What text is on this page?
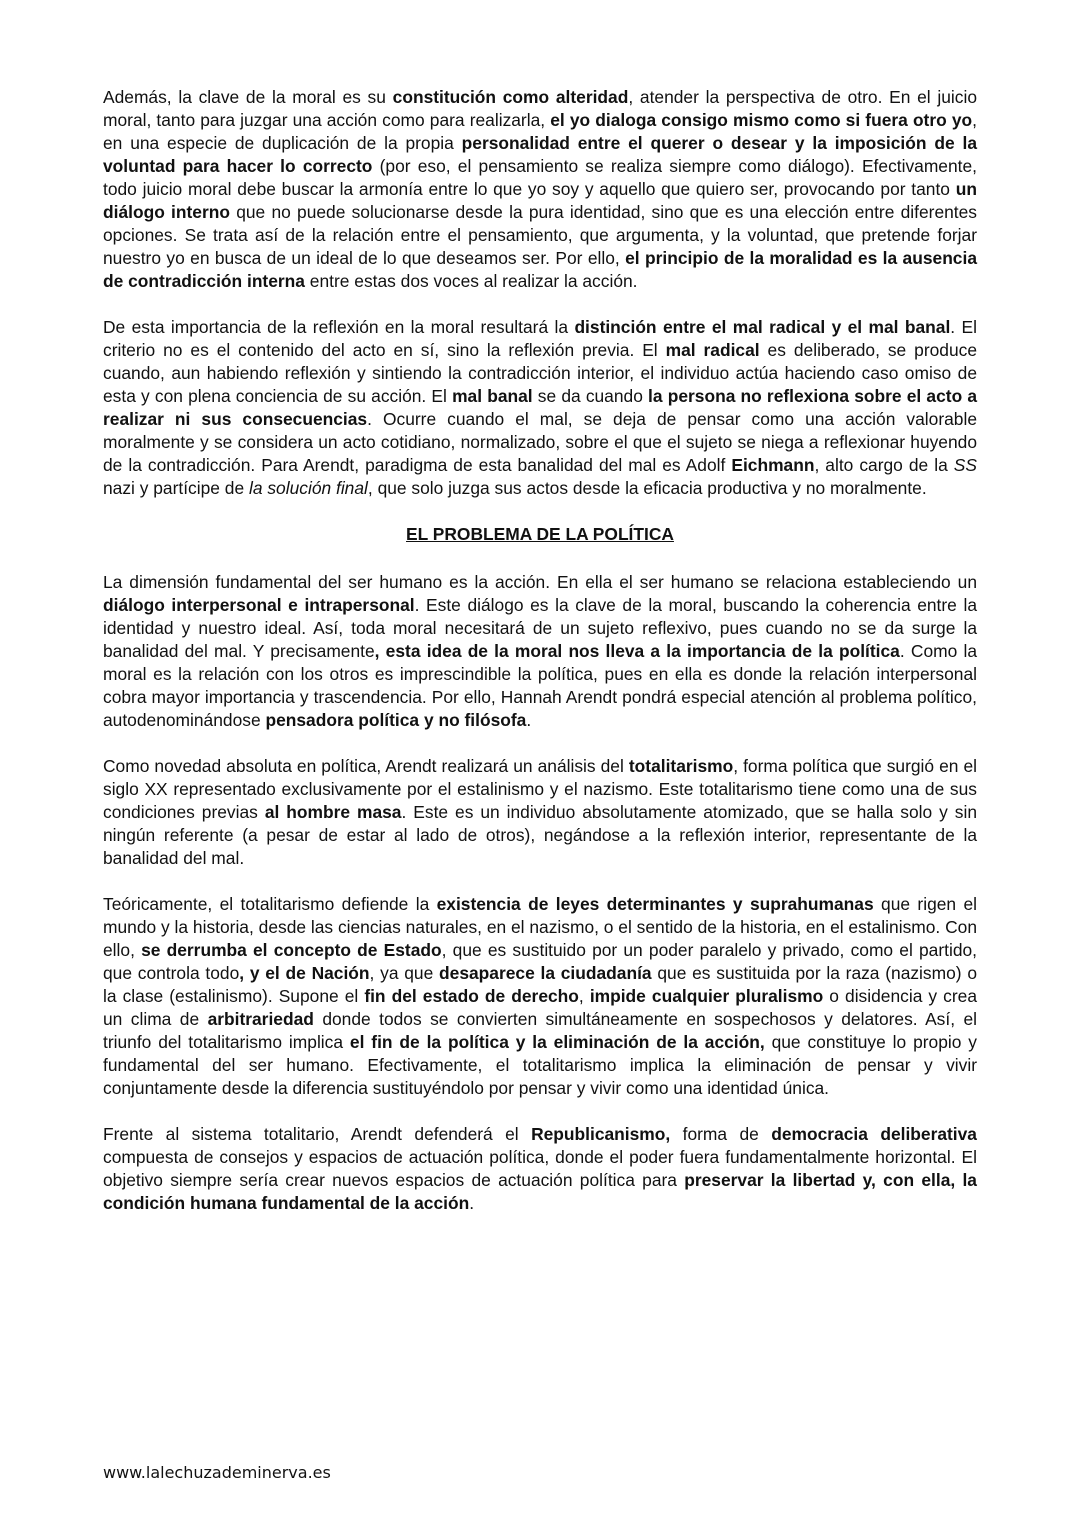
Además, la clave de la moral es su constitución como alteridad, atender la perspectiva de otro. En el juicio moral, tanto para juzgar una acción como para realizarla, el yo dialoga consigo mismo como si fuera otro yo, en una especie de duplicación de la propia personalidad entre el querer o desear y la imposición de la voluntad para hacer lo correcto (por eso, el pensamiento se realiza siempre como diálogo). Efectivamente, todo juicio moral debe buscar la armonía entre lo que yo soy y aquello que quiero ser, provocando por tanto un diálogo interno que no puede solucionarse desde la pura identidad, sino que es una elección entre diferentes opciones. Se trata así de la relación entre el pensamiento, que argumenta, y la voluntad, que pretende forjar nuestro yo en busca de un ideal de lo que deseamos ser. Por ello, el principio de la moralidad es la ausencia de contradicción interna entre estas dos voces al realizar la acción.

De esta importancia de la reflexión en la moral resultará la distinción entre el mal radical y el mal banal. El criterio no es el contenido del acto en sí, sino la reflexión previa. El mal radical es deliberado, se produce cuando, aun habiendo reflexión y sintiendo la contradicción interior, el individuo actúa haciendo caso omiso de esta y con plena conciencia de su acción. El mal banal se da cuando la persona no reflexiona sobre el acto a realizar ni sus consecuencias. Ocurre cuando el mal, se deja de pensar como una acción valorable moralmente y se considera un acto cotidiano, normalizado, sobre el que el sujeto se niega a reflexionar huyendo de la contradicción. Para Arendt, paradigma de esta banalidad del mal es Adolf Eichmann, alto cargo de la SS nazi y partícipe de la solución final, que solo juzga sus actos desde la eficacia productiva y no moralmente.

EL PROBLEMA DE LA POLÍTICA

La dimensión fundamental del ser humano es la acción. En ella el ser humano se relaciona estableciendo un diálogo interpersonal e intrapersonal. Este diálogo es la clave de la moral, buscando la coherencia entre la identidad y nuestro ideal. Así, toda moral necesitará de un sujeto reflexivo, pues cuando no se da surge la banalidad del mal. Y precisamente, esta idea de la moral nos lleva a la importancia de la política. Como la moral es la relación con los otros es imprescindible la política, pues en ella es donde la relación interpersonal cobra mayor importancia y trascendencia. Por ello, Hannah Arendt pondrá especial atención al problema político, autodenominándose pensadora política y no filósofa.

Como novedad absoluta en política, Arendt realizará un análisis del totalitarismo, forma política que surgió en el siglo XX representado exclusivamente por el estalinismo y el nazismo. Este totalitarismo tiene como una de sus condiciones previas al hombre masa. Este es un individuo absolutamente atomizado, que se halla solo y sin ningún referente (a pesar de estar al lado de otros), negándose a la reflexión interior, representante de la banalidad del mal.

Teóricamente, el totalitarismo defiende la existencia de leyes determinantes y suprahumanas que rigen el mundo y la historia, desde las ciencias naturales, en el nazismo, o el sentido de la historia, en el estalinismo. Con ello, se derrumba el concepto de Estado, que es sustituido por un poder paralelo y privado, como el partido, que controla todo, y el de Nación, ya que desaparece la ciudadanía que es sustituida por la raza (nazismo) o la clase (estalinismo). Supone el fin del estado de derecho, impide cualquier pluralismo o disidencia y crea un clima de arbitrariedad donde todos se convierten simultáneamente en sospechosos y delatores. Así, el triunfo del totalitarismo implica el fin de la política y la eliminación de la acción, que constituye lo propio y fundamental del ser humano. Efectivamente, el totalitarismo implica la eliminación de pensar y vivir conjuntamente desde la diferencia sustituyéndolo por pensar y vivir como una identidad única.

Frente al sistema totalitario, Arendt defenderá el Republicanismo, forma de democracia deliberativa compuesta de consejos y espacios de actuación política, donde el poder fuera fundamentalmente horizontal. El objetivo siempre sería crear nuevos espacios de actuación política para preservar la libertad y, con ella, la condición humana fundamental de la acción.

www.lalechuzademinerva.es
